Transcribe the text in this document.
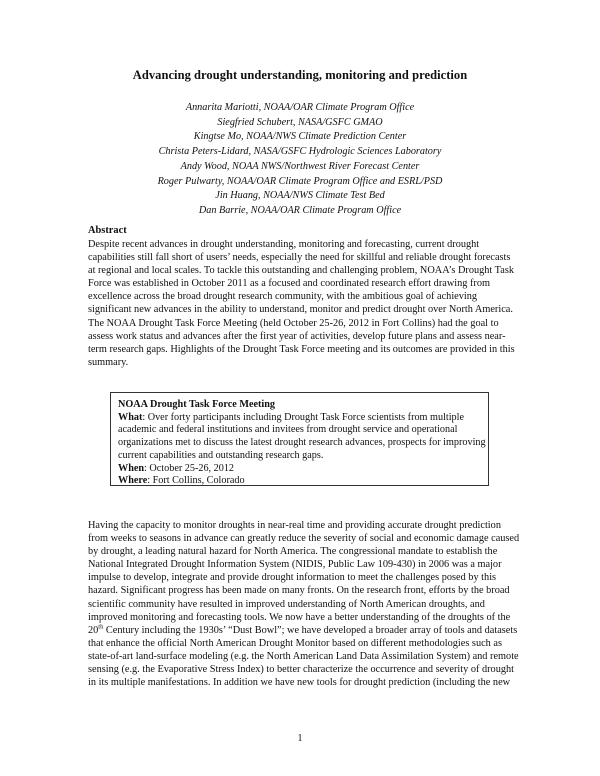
Advancing drought understanding, monitoring and prediction
Annarita Mariotti, NOAA/OAR Climate Program Office
Siegfried Schubert, NASA/GSFC GMAO
Kingtse Mo, NOAA/NWS Climate Prediction Center
Christa Peters-Lidard, NASA/GSFC Hydrologic Sciences Laboratory
Andy Wood, NOAA NWS/Northwest River Forecast Center
Roger Pulwarty, NOAA/OAR Climate Program Office and ESRL/PSD
Jin Huang, NOAA/NWS Climate Test Bed
Dan Barrie, NOAA/OAR Climate Program Office
Abstract
Despite recent advances in drought understanding, monitoring and forecasting, current drought
capabilities still fall short of users’ needs, especially the need for skillful and reliable drought forecasts
at regional and local scales. To tackle this outstanding and challenging problem, NOAA’s Drought Task
Force was established in October 2011 as a focused and coordinated research effort drawing from
excellence across the broad drought research community, with the ambitious goal of achieving
significant new advances in the ability to understand, monitor and predict drought over North America.
The NOAA Drought Task Force Meeting (held October 25-26, 2012 in Fort Collins) had the goal to
assess work status and advances after the first year of activities, develop future plans and assess near-
term research gaps. Highlights of the Drought Task Force meeting and its outcomes are provided in this
summary.
NOAA Drought Task Force Meeting
What: Over forty participants including Drought Task Force scientists from multiple
academic and federal institutions and invitees from drought service and operational
organizations met to discuss the latest drought research advances, prospects for improving
current capabilities and outstanding research gaps.
When: October 25-26, 2012
Where: Fort Collins, Colorado
Having the capacity to monitor droughts in near-real time and providing accurate drought prediction
from weeks to seasons in advance can greatly reduce the severity of social and economic damage caused
by drought, a leading natural hazard for North America. The congressional mandate to establish the
National Integrated Drought Information System (NIDIS, Public Law 109-430) in 2006 was a major
impulse to develop, integrate and provide drought information to meet the challenges posed by this
hazard. Significant progress has been made on many fronts. On the research front, efforts by the broad
scientific community have resulted in improved understanding of North American droughts, and
improved monitoring and forecasting tools. We now have a better understanding of the droughts of the
20th Century including the 1930s’ “Dust Bowl”; we have developed a broader array of tools and datasets
that enhance the official North American Drought Monitor based on different methodologies such as
state-of-art land-surface modeling (e.g. the North American Land Data Assimilation System) and remote
sensing (e.g. the Evaporative Stress Index) to better characterize the occurrence and severity of drought
in its multiple manifestations. In addition we have new tools for drought prediction (including the new
1
